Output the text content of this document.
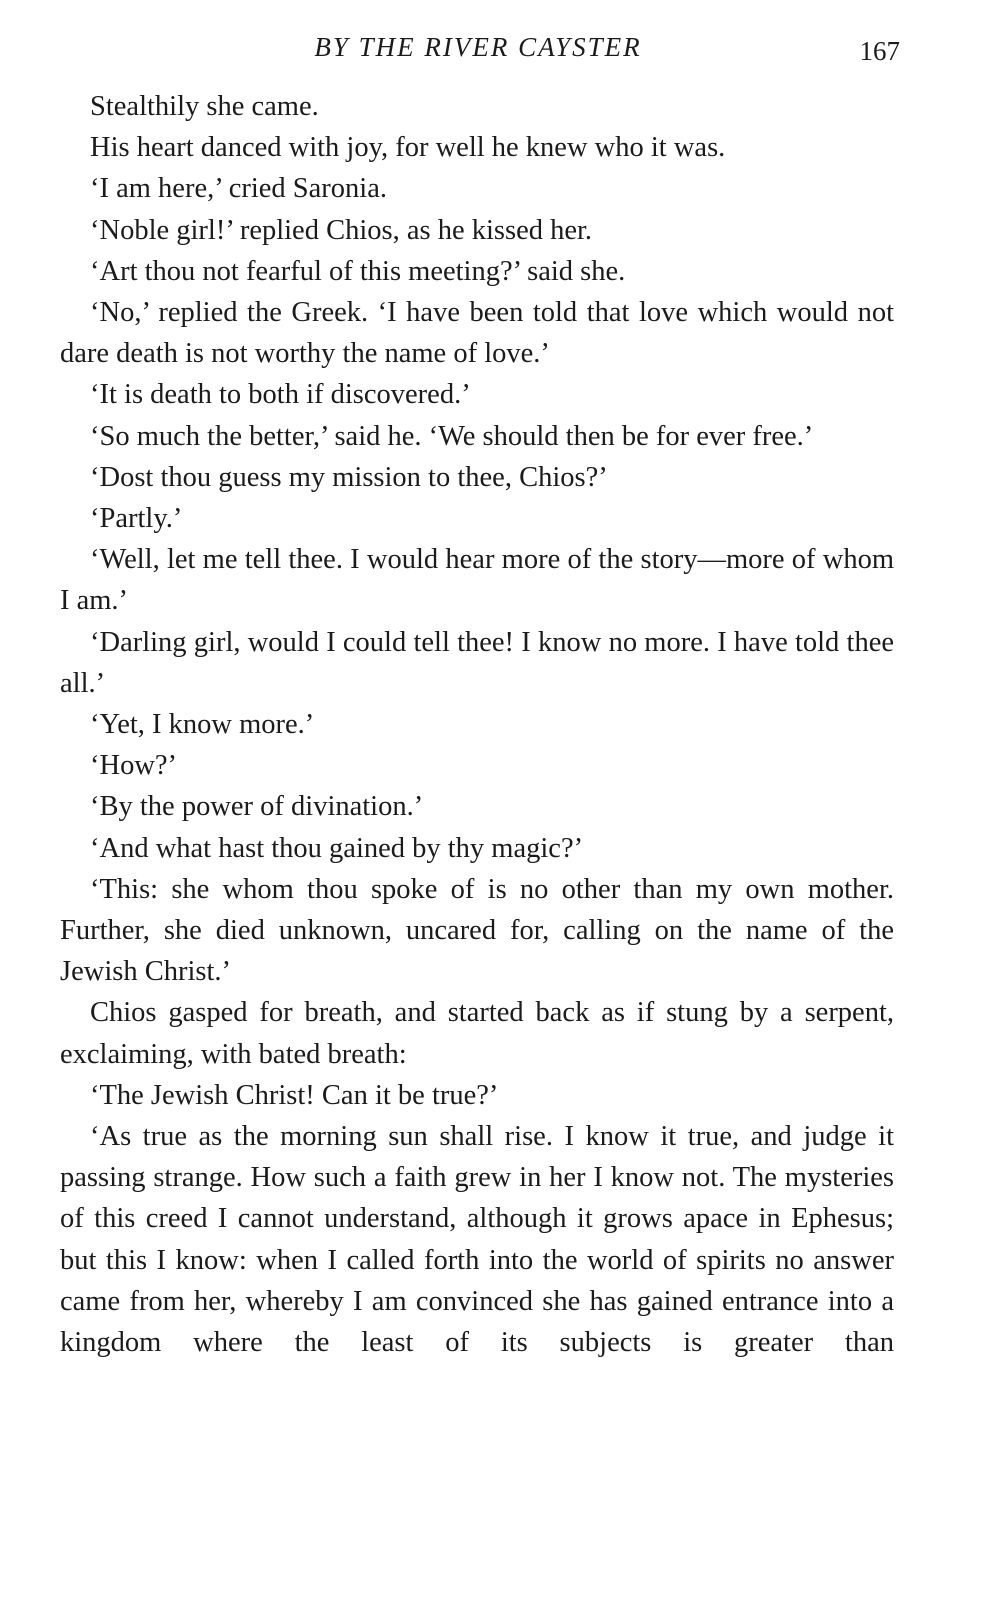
BY THE RIVER CAYSTER	167

Stealthily she came.

His heart danced with joy, for well he knew who it was.

‘I am here,’ cried Saronia.

‘Noble girl!’ replied Chios, as he kissed her.

‘Art thou not fearful of this meeting?’ said she.

‘No,’ replied the Greek. ‘I have been told that love which would not dare death is not worthy the name of love.’

‘It is death to both if discovered.’

‘So much the better,’ said he. ‘We should then be for ever free.’

‘Dost thou guess my mission to thee, Chios?’

‘Partly.’

‘Well, let me tell thee. I would hear more of the story—more of whom I am.’

‘Darling girl, would I could tell thee! I know no more. I have told thee all.’

‘Yet, I know more.’

‘How?’

‘By the power of divination.’

‘And what hast thou gained by thy magic?’

‘This: she whom thou spoke of is no other than my own mother. Further, she died unknown, uncared for, calling on the name of the Jewish Christ.’

Chios gasped for breath, and started back as if stung by a serpent, exclaiming, with bated breath:

‘The Jewish Christ! Can it be true?’

‘As true as the morning sun shall rise. I know it true, and judge it passing strange. How such a faith grew in her I know not. The mysteries of this creed I cannot understand, although it grows apace in Ephesus; but this I know: when I called forth into the world of spirits no answer came from her, whereby I am convinced she has gained entrance into a kingdom where the least of its subjects is greater than
